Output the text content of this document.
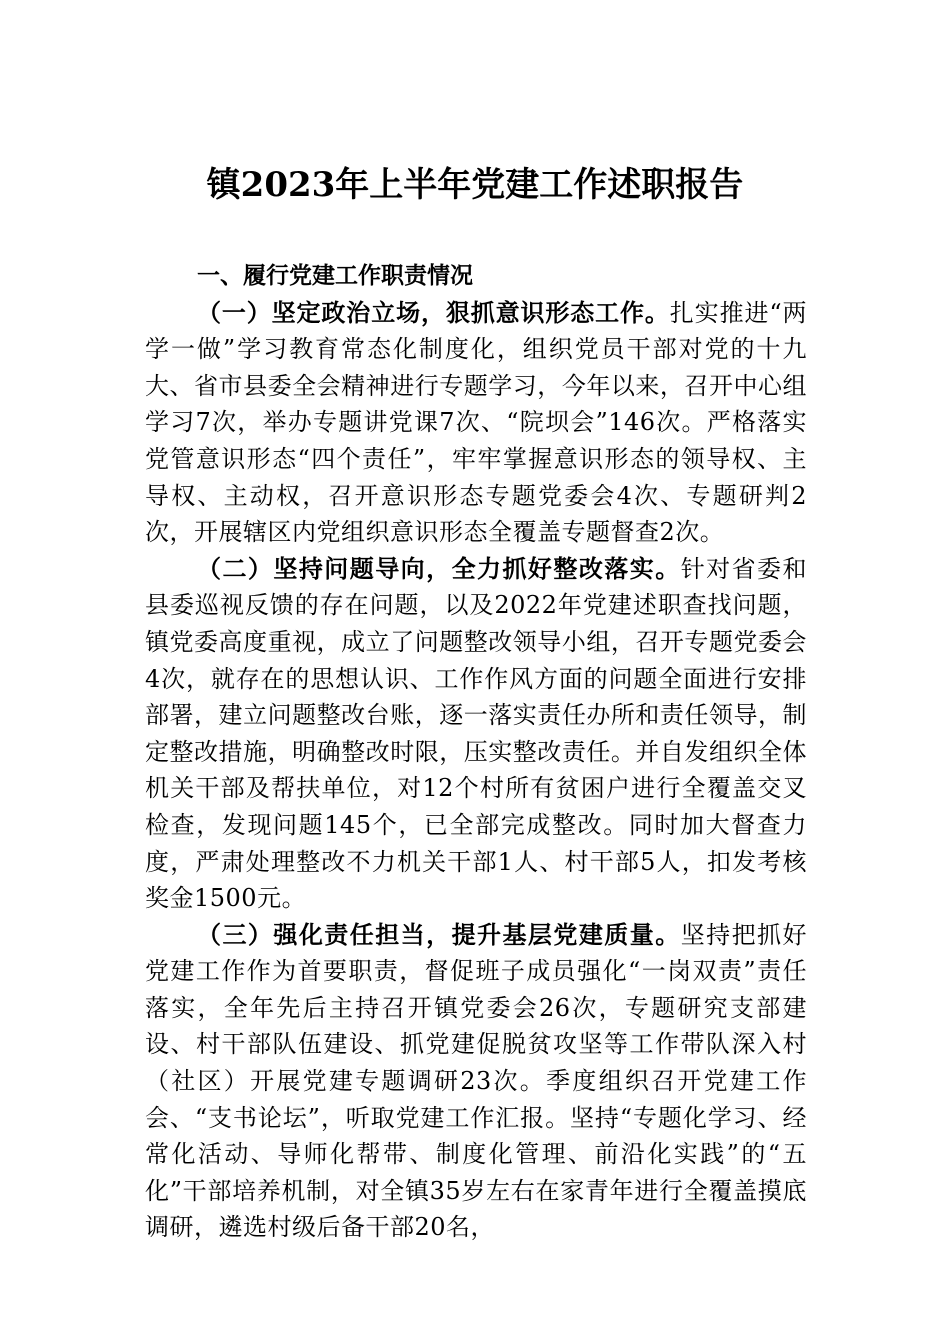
镇2023年上半年党建工作述职报告

一、履行党建工作职责情况

（一）坚定政治立场，狠抓意识形态工作。扎实推进“两学一做”学习教育常态化制度化，组织党员干部对党的十九大、省市县委全会精神进行专题学习，今年以来，召开中心组学习7次，举办专题讲党课7次、“院坝会”146次。严格落实党管意识形态“四个责任”，牢牢掌握意识形态的领导权、主导权、主动权，召开意识形态专题党委会4次、专题研判2次，开展辖区内党组织意识形态全覆盖专题督查2次。

（二）坚持问题导向，全力抓好整改落实。针对省委和县委巡视反馈的存在问题，以及2022年党建述职查找问题，镇党委高度重视，成立了问题整改领导小组，召开专题党委会4次，就存在的思想认识、工作作风方面的问题全面进行安排部署，建立问题整改台账，逐一落实责任办所和责任领导，制定整改措施，明确整改时限，压实整改责任。并自发组织全体机关干部及帮扶单位，对12个村所有贫困户进行全覆盖交叉检查，发现问题145个，已全部完成整改。同时加大督查力度，严肃处理整改不力机关干部1人、村干部5人，扣发考核奖金1500元。

（三）强化责任担当，提升基层党建质量。坚持把抓好党建工作作为首要职责，督促班子成员强化“一岗双责”责任落实，全年先后主持召开镇党委会26次，专题研究支部建设、村干部队伍建设、抓党建促脱贫攻坚等工作带队深入村（社区）开展党建专题调研23次。季度组织召开党建工作会、“支书论坛”，听取党建工作汇报。坚持“专题化学习、经常化活动、导师化帮带、制度化管理、前沿化实践”的“五化”干部培养机制，对全镇35岁左右在家青年进行全覆盖摸底调研，遴选村级后备干部20名，
